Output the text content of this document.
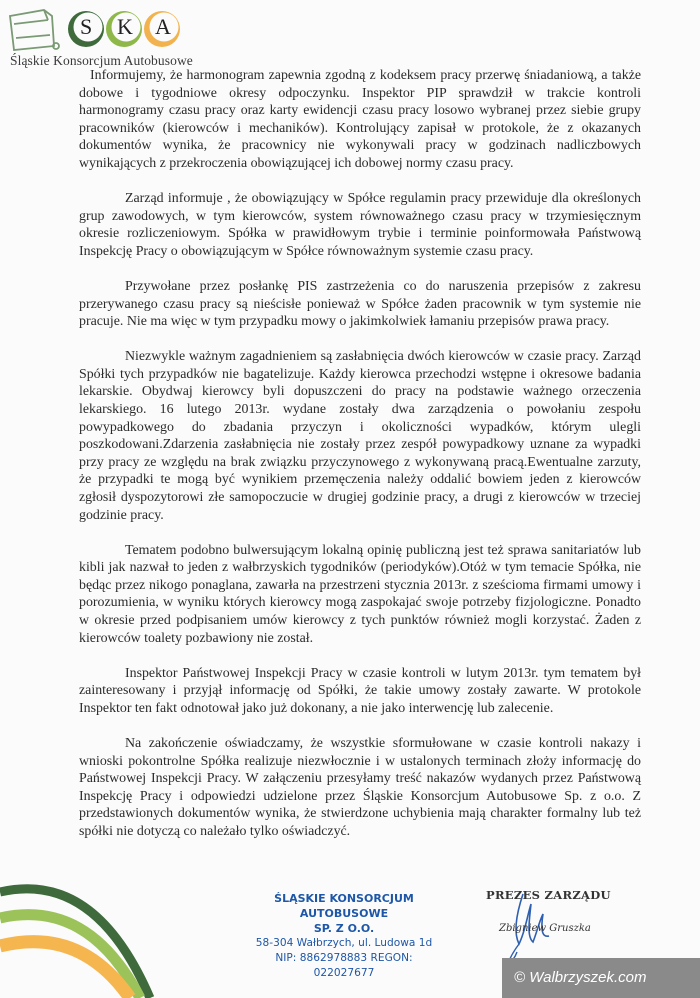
S K A
Śląskie Konsorcjum Autobusowe

Informujemy, że harmonogram zapewnia zgodną z kodeksem pracy przerwę śniadaniową, a także dobowe i tygodniowe okresy odpoczynku. Inspektor PIP sprawdził w trakcie kontroli harmonogramy czasu pracy oraz karty ewidencji czasu pracy losowo wybranej przez siebie grupy pracowników (kierowców i mechaników). Kontrolujący zapisał w protokole, że z okazanych dokumentów wynika, że pracownicy nie wykonywali pracy w godzinach nadliczbowych wynikających z przekroczenia obowiązującej ich dobowej normy czasu pracy.

Zarząd informuje , że obowiązujący w Spółce regulamin pracy przewiduje dla określonych grup zawodowych, w tym kierowców, system równoważnego czasu pracy w trzymiesięcznym okresie rozliczeniowym. Spółka w prawidłowym trybie i terminie poinformowała Państwową Inspekcję Pracy o obowiązującym w Spółce równoważnym systemie czasu pracy.

Przywołane przez posłankę PIS zastrzeżenia co do naruszenia przepisów z zakresu przerywanego czasu pracy są nieścisłe ponieważ w Spółce żaden pracownik w tym systemie nie pracuje. Nie ma więc w tym przypadku mowy o jakimkolwiek łamaniu przepisów prawa pracy.

Niezwykle ważnym zagadnieniem są zasłabnięcia dwóch kierowców w czasie pracy. Zarząd Spółki tych przypadków nie bagatelizuje. Każdy kierowca przechodzi wstępne i okresowe badania lekarskie. Obydwaj kierowcy byli dopuszczeni do pracy na podstawie ważnego orzeczenia lekarskiego. 16 lutego 2013r. wydane zostały dwa zarządzenia o powołaniu zespołu powypadkowego do zbadania przyczyn i okoliczności wypadków, którym ulegli poszkodowani.Zdarzenia zasłabnięcia nie zostały przez zespół powypadkowy uznane za wypadki przy pracy ze względu na brak związku przyczynowego z wykonywaną pracą.Ewentualne zarzuty, że przypadki te mogą być wynikiem przemęczenia należy oddalić bowiem jeden z kierowców zgłosił dyspozytorowi złe samopoczucie w drugiej godzinie pracy, a drugi z kierowców w trzeciej godzinie pracy.

Tematem podobno bulwersującym lokalną opinię publiczną jest też sprawa sanitariatów lub kibli jak nazwał to jeden z wałbrzyskich tygodników (periodyków).Otóż w tym temacie Spółka, nie będąc przez nikogo ponaglana, zawarła na przestrzeni stycznia 2013r. z sześcioma firmami umowy i porozumienia, w wyniku których kierowcy mogą zaspokajać swoje potrzeby fizjologiczne. Ponadto w okresie przed podpisaniem umów kierowcy z tych punktów również mogli korzystać. Żaden z kierowców toalety pozbawiony nie został.

Inspektor Państwowej Inspekcji Pracy w czasie kontroli w lutym 2013r. tym tematem był zainteresowany i przyjął informację od Spółki, że takie umowy zostały zawarte. W protokole Inspektor ten fakt odnotował jako już dokonany, a nie jako interwencję lub zalecenie.

Na zakończenie oświadczamy, że wszystkie sformułowane w czasie kontroli nakazy i wnioski pokontrolne Spółka realizuje niezwłocznie i w ustalonych terminach złoży informację do Państwowej Inspekcji Pracy. W załączeniu przesyłamy treść nakazów wydanych przez Państwową Inspekcję Pracy i odpowiedzi udzielone przez Śląskie Konsorcjum Autobusowe Sp. z o.o. Z przedstawionych dokumentów wynika, że stwierdzone uchybienia mają charakter formalny lub też spółki nie dotyczą co należało tylko oświadczyć.

ŚLĄSKIE KONSORCJUM AUTOBUSOWE
SP. Z O.O.
58-304 Wałbrzych, ul. Ludowa 1d
NIP: 8862978883 REGON: 022027677
PREZES ZARZĄDU
Zbigniew Gruszka
© Walbrzyszek.com
